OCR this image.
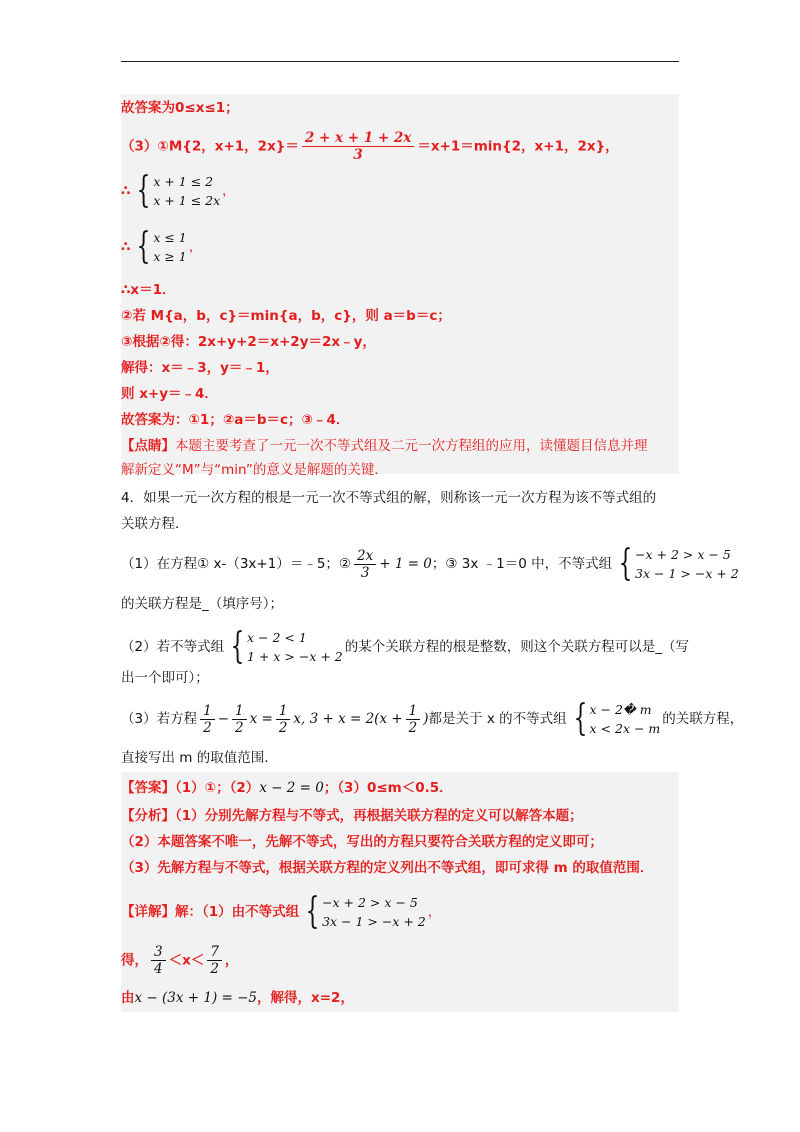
故答案为0≤x≤1；
（3）①M{2，x+1，$2x\}= \frac{2 + x + 1 + 2x}{3} =x+1=\min\{2$，x+1，2x}，
∴ { x + 1 ≤ 2
x + 1 ≤ 2x
，
∴ { x ≤ 1
x ≥ 1
，
∴x＝1．
②若 M{a，b，c}＝min{a，b，c}，则 a＝b＝c；
③根据②得：2x+y+2＝x+2y＝2x﹣y，
解得：x＝﹣3，y＝﹣1，
则 x+y＝﹣4．
故答案为：①1；②a＝b＝c；③﹣4．
【点睛】本题主要考查了一元一次不等式组及二元一次方程组的应用，读懂题目信息并理
解新定义“M”与“min”的意义是解题的关键．
4．如果一元一次方程的根是一元一次不等式组的解，则称该一元一次方程为该不等式组的
关联方程．
（1）在方程① x-（3x+1）＝﹣5；② $\frac{2x}{3} + 1 = 0$；③ 3x ﹣1＝0 中，不等式组 { −x + 2 > x − 5
3x − 1 > −x + 2
的关联方程是_（填序号）；
（2）若不等式组 { x − 2 < 1
1 + x > −x + 2
的某个关联方程的根是整数，则这个关联方程可以是_（写
出一个即可）；
（3）若方程 $\frac{1}{2} - \frac{1}{2}$ $x = \frac{1}{2} x$, $3 + x = 2(x + \frac{1}{2}$ )都是关于 x 的不等式组 { x − 2� m
x < 2x − m
的关联方程，
直接写出 m 的取值范围．
【答案】（1）①；（2）x − 2 = 0；（3）0≤m＜0.5．
【分析】（1）分别先解方程与不等式，再根据关联方程的定义可以解答本题；
（2）本题答案不唯一，先解不等式，写出的方程只要符合关联方程的定义即可；
（3）先解方程与不等式，根据关联方程的定义列出不等式组，即可求得 m 的取值范围．
【详解】解：（1）由不等式组 { −x + 2 > x − 5
3x − 1 > −x + 2
，
得， $\frac{3}{4} <x< \frac{7}{2}$ ，
由x − (3x + 1) = −5，解得，x=2，
